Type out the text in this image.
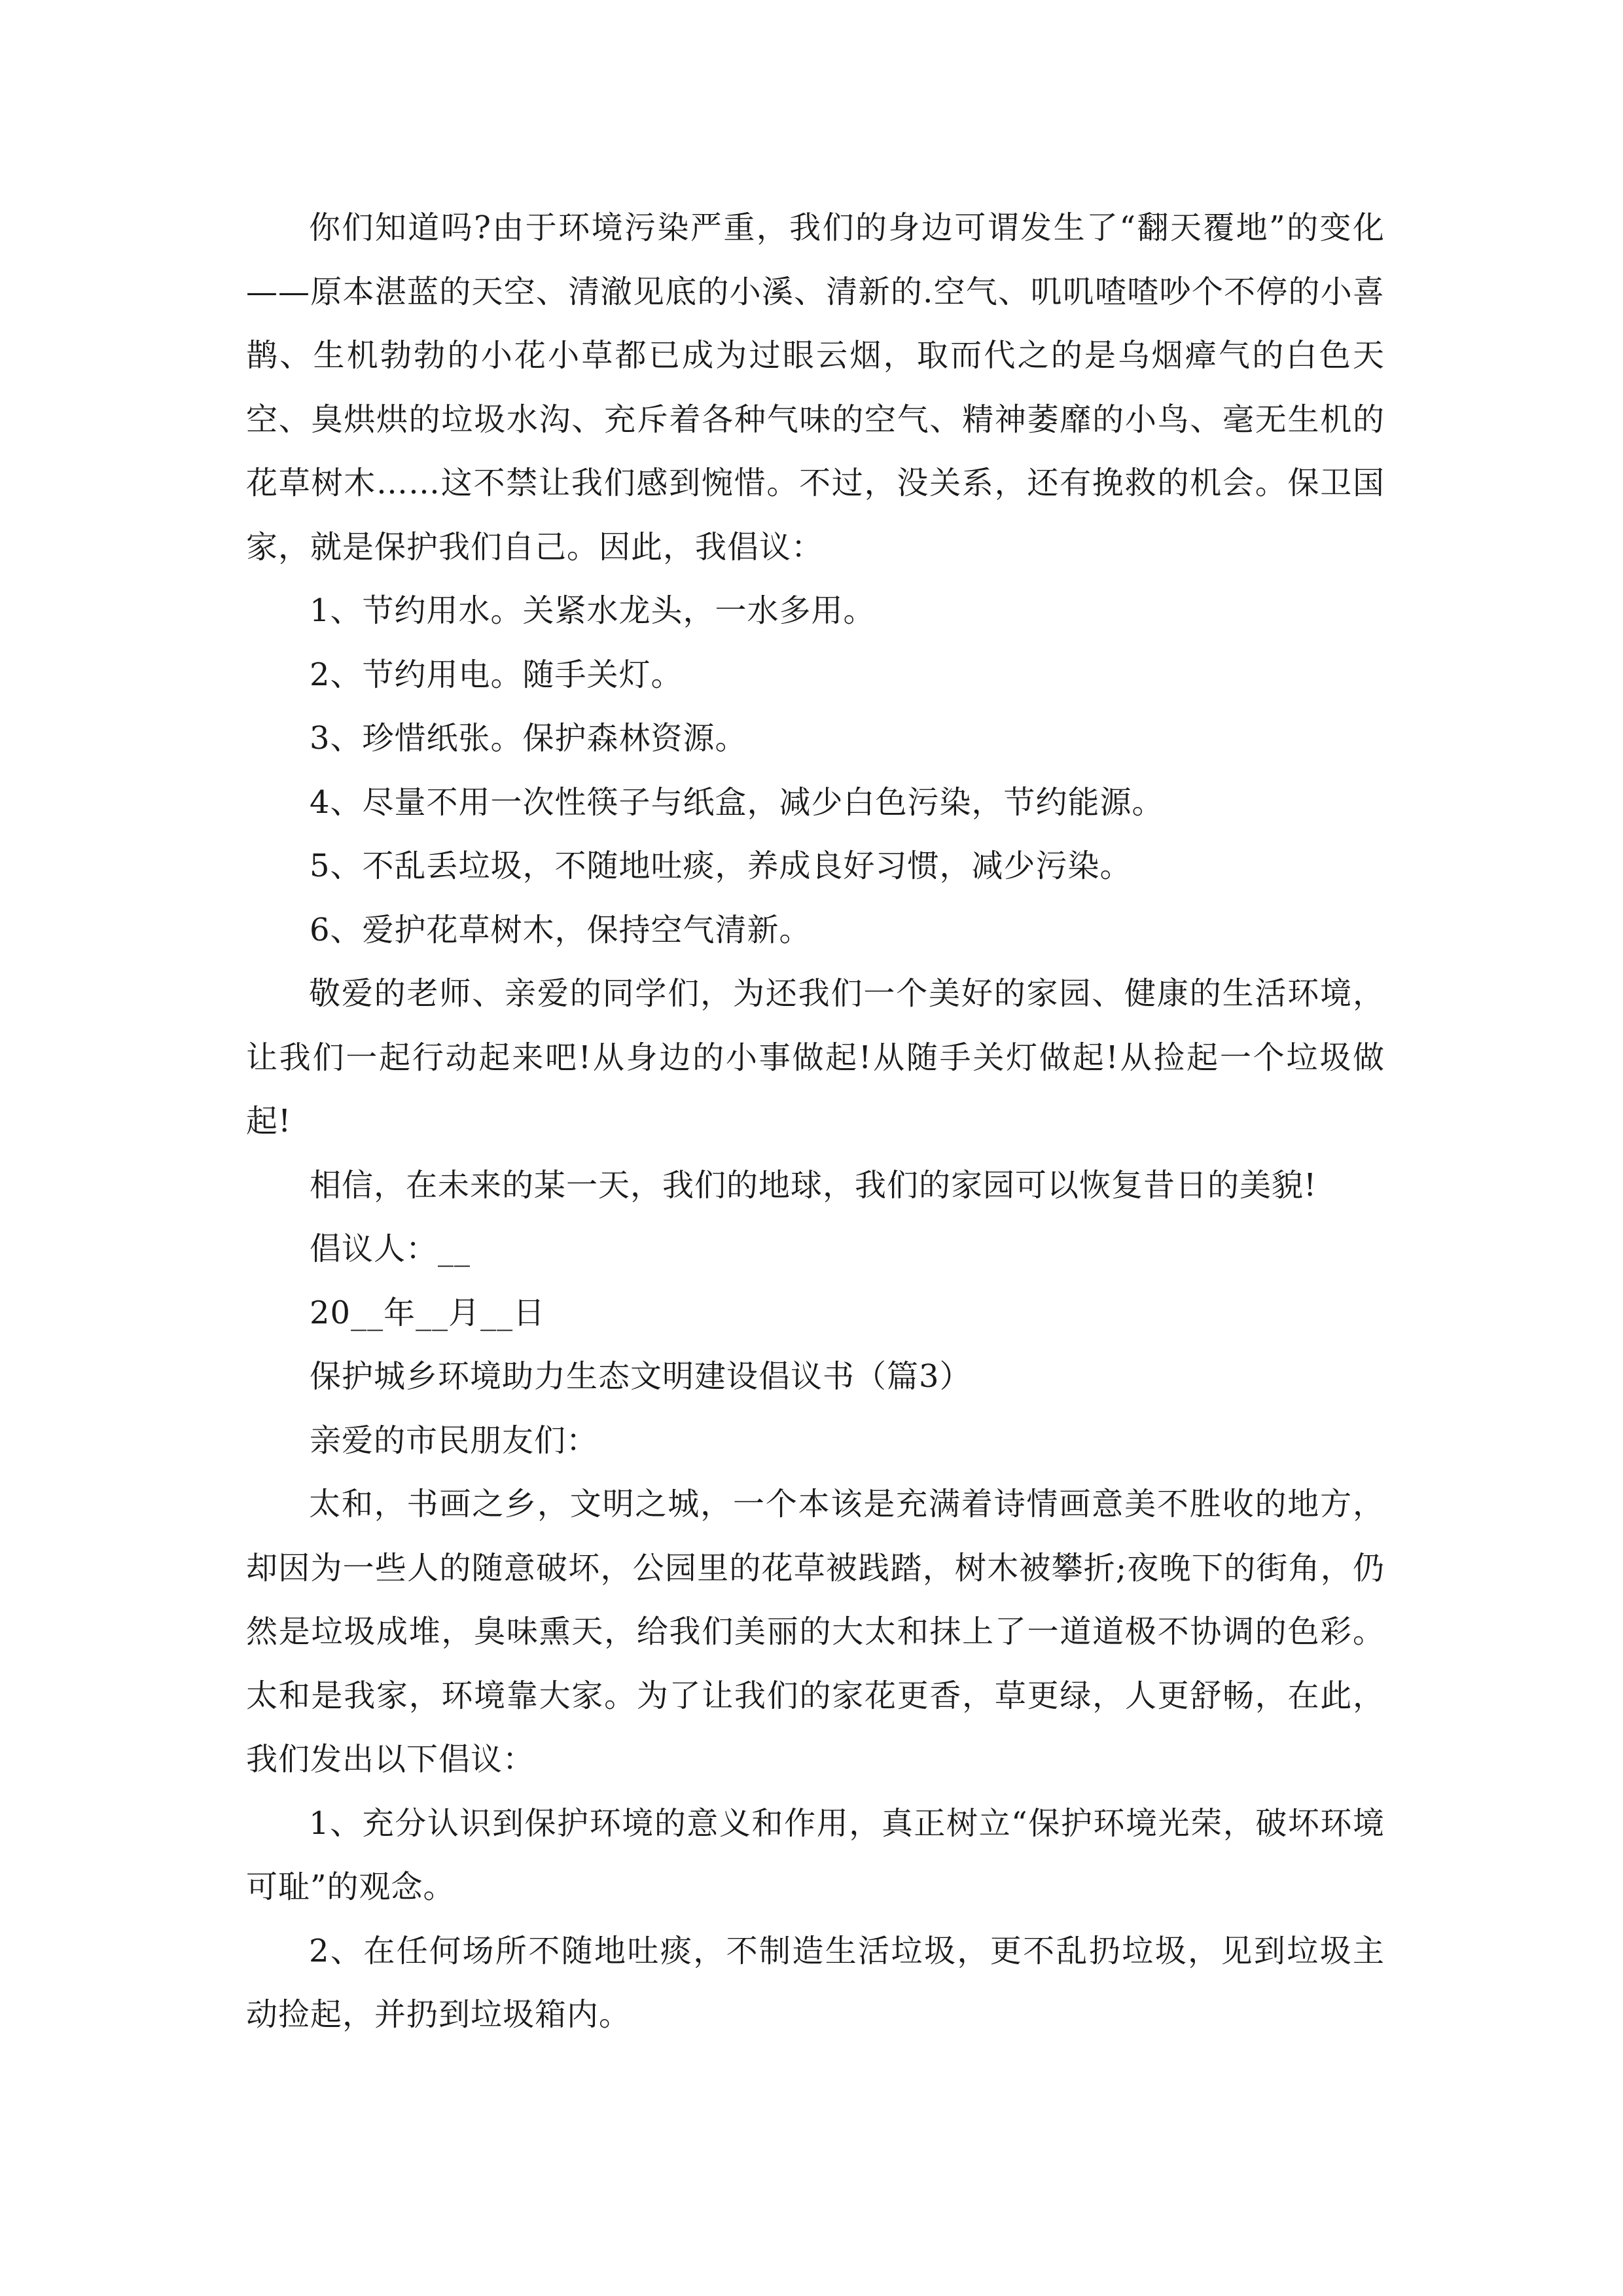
你们知道吗?由于环境污染严重，我们的身边可谓发生了“翻天覆地”的变化——原本湛蓝的天空、清澈见底的小溪、清新的.空气、叽叽喳喳吵个不停的小喜鹊、生机勃勃的小花小草都已成为过眼云烟，取而代之的是乌烟瘴气的白色天空、臭烘烘的垃圾水沟、充斥着各种气味的空气、精神萎靡的小鸟、毫无生机的花草树木……这不禁让我们感到惋惜。不过，没关系，还有挽救的机会。保卫国家，就是保护我们自己。因此，我倡议：

1、节约用水。关紧水龙头，一水多用。

2、节约用电。随手关灯。

3、珍惜纸张。保护森林资源。

4、尽量不用一次性筷子与纸盒，减少白色污染，节约能源。

5、不乱丢垃圾，不随地吐痰，养成良好习惯，减少污染。

6、爱护花草树木，保持空气清新。

敬爱的老师、亲爱的同学们，为还我们一个美好的家园、健康的生活环境，让我们一起行动起来吧!从身边的小事做起!从随手关灯做起!从捡起一个垃圾做起!

相信，在未来的某一天，我们的地球，我们的家园可以恢复昔日的美貌!

倡议人：__

20__年__月__日

保护城乡环境助力生态文明建设倡议书（篇3）

亲爱的市民朋友们：

太和，书画之乡，文明之城，一个本该是充满着诗情画意美不胜收的地方，却因为一些人的随意破坏，公园里的花草被践踏，树木被攀折;夜晚下的街角，仍然是垃圾成堆，臭味熏天，给我们美丽的大太和抹上了一道道极不协调的色彩。太和是我家，环境靠大家。为了让我们的家花更香，草更绿，人更舒畅，在此，我们发出以下倡议：

1、充分认识到保护环境的意义和作用，真正树立“保护环境光荣，破坏环境可耻”的观念。

2、在任何场所不随地吐痰，不制造生活垃圾，更不乱扔垃圾，见到垃圾主动捡起，并扔到垃圾箱内。
